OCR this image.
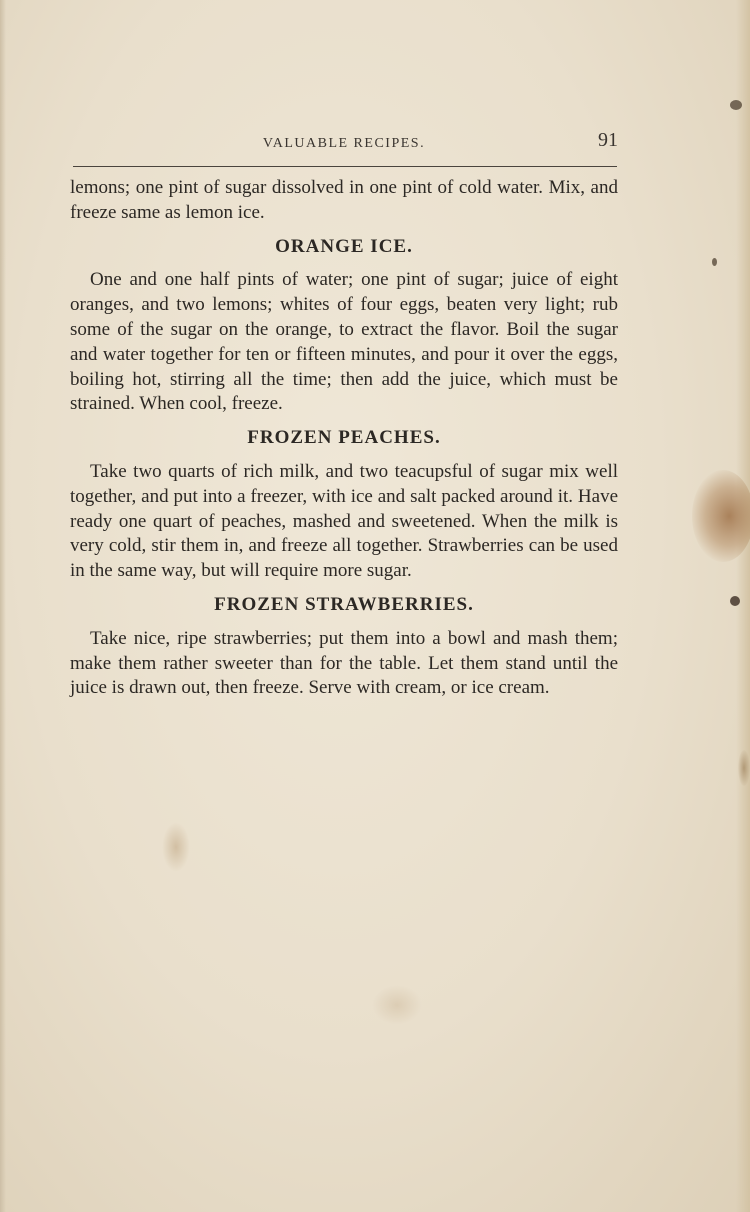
VALUABLE RECIPES.	91

lemons; one pint of sugar dissolved in one pint of cold water. Mix, and freeze same as lemon ice.

ORANGE ICE.

One and one half pints of water; one pint of sugar; juice of eight oranges, and two lemons; whites of four eggs, beaten very light; rub some of the sugar on the orange, to extract the flavor. Boil the sugar and water together for ten or fifteen minutes, and pour it over the eggs, boiling hot, stirring all the time; then add the juice, which must be strained. When cool, freeze.

FROZEN PEACHES.

Take two quarts of rich milk, and two teacupsful of sugar mix well together, and put into a freezer, with ice and salt packed around it. Have ready one quart of peaches, mashed and sweetened. When the milk is very cold, stir them in, and freeze all together. Strawberries can be used in the same way, but will require more sugar.

FROZEN STRAWBERRIES.

Take nice, ripe strawberries; put them into a bowl and mash them; make them rather sweeter than for the table. Let them stand until the juice is drawn out, then freeze. Serve with cream, or ice cream.
